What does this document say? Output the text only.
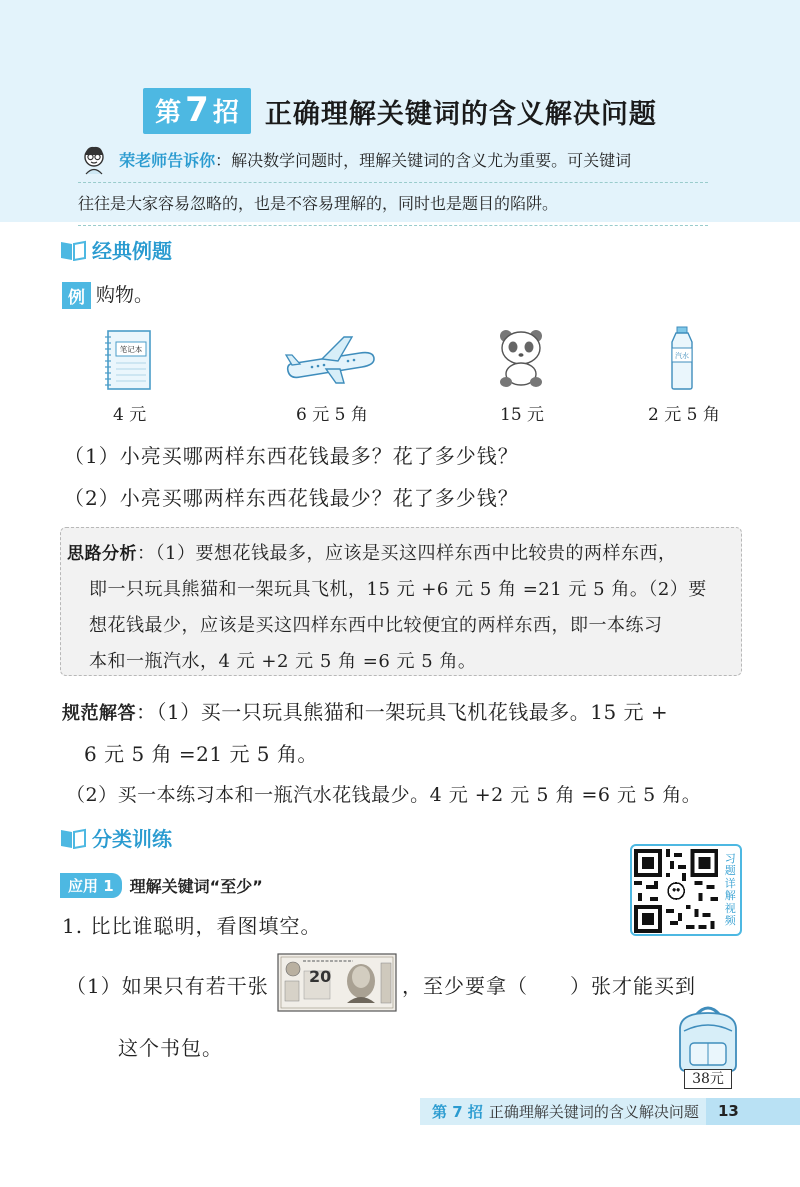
第 7 招 正确理解关键词的含义解决问题
荣老师告诉你：解决数学问题时，理解关键词的含义尤为重要。可关键词
往往是大家容易忽略的，也是不容易理解的，同时也是题目的陷阱。
经典例题
例 购物。
笔记本
汽水
4 元	6 元 5 角	15 元	2 元 5 角
（1）小亮买哪两样东西花钱最多？花了多少钱？
（2）小亮买哪两样东西花钱最少？花了多少钱？

思路分析：（1）要想花钱最多，应该是买这四样东西中比较贵的两样东西，

即一只玩具熊猫和一架玩具飞机，15 元 +6 元 5 角 =21 元 5 角。（2）要

想花钱最少，应该是买这四样东西中比较便宜的两样东西，即一本练习

本和一瓶汽水，4 元 +2 元 5 角 =6 元 5 角。

规范解答：（1）买一只玩具熊猫和一架玩具飞机花钱最多。15 元 +
6 元 5 角 =21 元 5 角。
（2）买一本练习本和一瓶汽水花钱最少。4 元 +2 元 5 角 =6 元 5 角。
分类训练
应用 1	理解关键词“至少”
习
题
详
解
视
频
1. 比比谁聪明，看图填空。
（1）如果只有若干张	20	，至少要拿（　　）张才能买到
这个书包。
38元
第 7 招 正确理解关键词的含义解决问题	13
